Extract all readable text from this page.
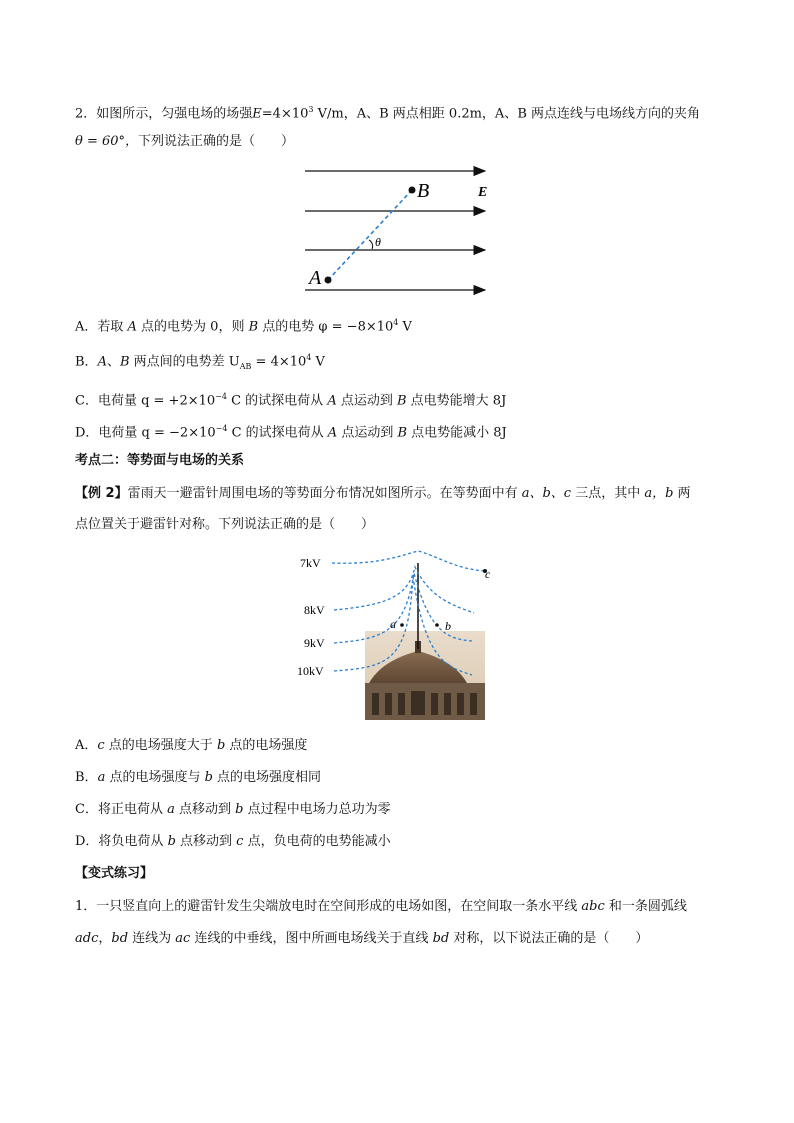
2．如图所示，匀强电场的场强$E=4\times 10^3$ V/m，A、B 两点相距 0.2m，A、B 两点连线与电场线方向的夹角
θ = 60°，下列说法正确的是（　　）
A
B	E
θ
A．若取 A 点的电势为 0，则 B 点的电势 $\varphi = -8\times 10^4$ V
B．A、B 两点间的电势差 $U_{AB} = 4\times 10^4$ V
C．电荷量 $q = +2\times 10^{-4}$ C 的试探电荷从 A 点运动到 B 点电势能增大 8J
D．电荷量 $q = -2\times 10^{-4}$ C 的试探电荷从 A 点运动到 B 点电势能减小 8J
考点二：等势面与电场的关系
【例 2】雷雨天一避雷针周围电场的等势面分布情况如图所示。在等势面中有 a、b、c 三点，其中 a，b 两
点位置关于避雷针对称。下列说法正确的是（　　）
7kV
8kV
9kV
10kV
a	b
c
A．c 点的电场强度大于 b 点的电场强度
B．a 点的电场强度与 b 点的电场强度相同
C．将正电荷从 a 点移动到 b 点过程中电场力总功为零
D．将负电荷从 b 点移动到 c 点，负电荷的电势能减小
【变式练习】
1．一只竖直向上的避雷针发生尖端放电时在空间形成的电场如图，在空间取一条水平线 abc 和一条圆弧线
adc，bd 连线为 ac 连线的中垂线，图中所画电场线关于直线 bd 对称，以下说法正确的是（　　）
